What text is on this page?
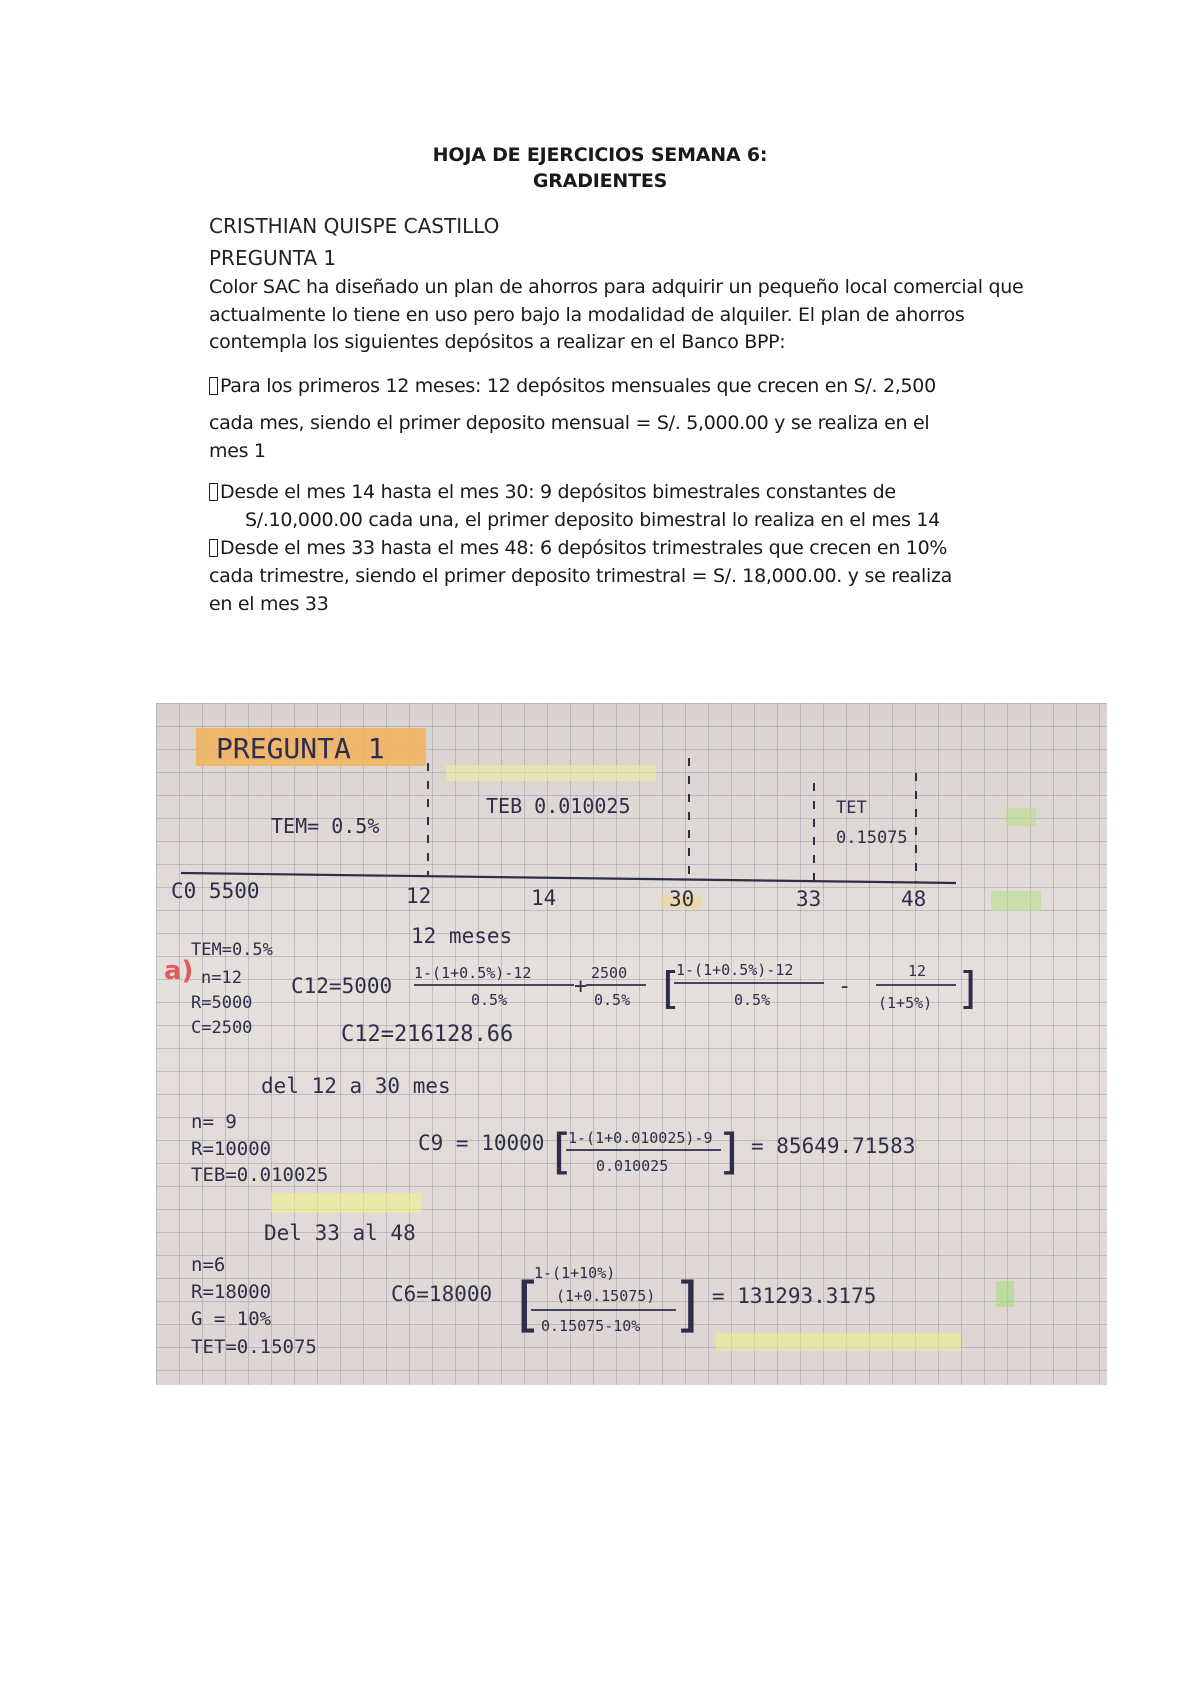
HOJA DE EJERCICIOS SEMANA 6:
GRADIENTES
CRISTHIAN QUISPE CASTILLO
PREGUNTA 1
Color SAC ha diseñado un plan de ahorros para adquirir un pequeño local comercial que
actualmente lo tiene en uso pero bajo la modalidad de alquiler. El plan de ahorros
contempla los siguientes depósitos a realizar en el Banco BPP:
Para los primeros 12 meses: 12 depósitos mensuales que crecen en S/. 2,500
cada mes, siendo el primer deposito mensual = S/. 5,000.00 y se realiza en el
mes 1
Desde el mes 14 hasta el mes 30: 9 depósitos bimestrales constantes de
S/.10,000.00 cada una, el primer deposito bimestral lo realiza en el mes 14
Desde el mes 33 hasta el mes 48: 6 depósitos trimestrales que crecen en 10%
cada trimestre, siendo el primer deposito trimestral = S/. 18,000.00. y se realiza
en el mes 33
PREGUNTA 1
TEM= 0.5%
TEB 0.010025	TET
0.15075
C0 5500	12	14	30	33	48
12 meses
a)
TEM=0.5%
n=12
R=5000
C=2500
C12=5000
1-(1+0.5%)-12
0.5%
+
2500
0.5% [
1-(1+0.5%)-12
0.5%
-
12
(1+5%) ]
C12=216128.66
del 12 a 30 mes
n= 9
R=10000
TEB=0.010025
C9 = 10000 [
1-(1+0.010025)-9
0.010025 ] = 85649.71583
Del 33 al 48
n=6
R=18000
G = 10%
TET=0.15075
C6=18000 [
1-(1+10%)
(1+0.15075)
0.15075-10% ] = 131293.3175
